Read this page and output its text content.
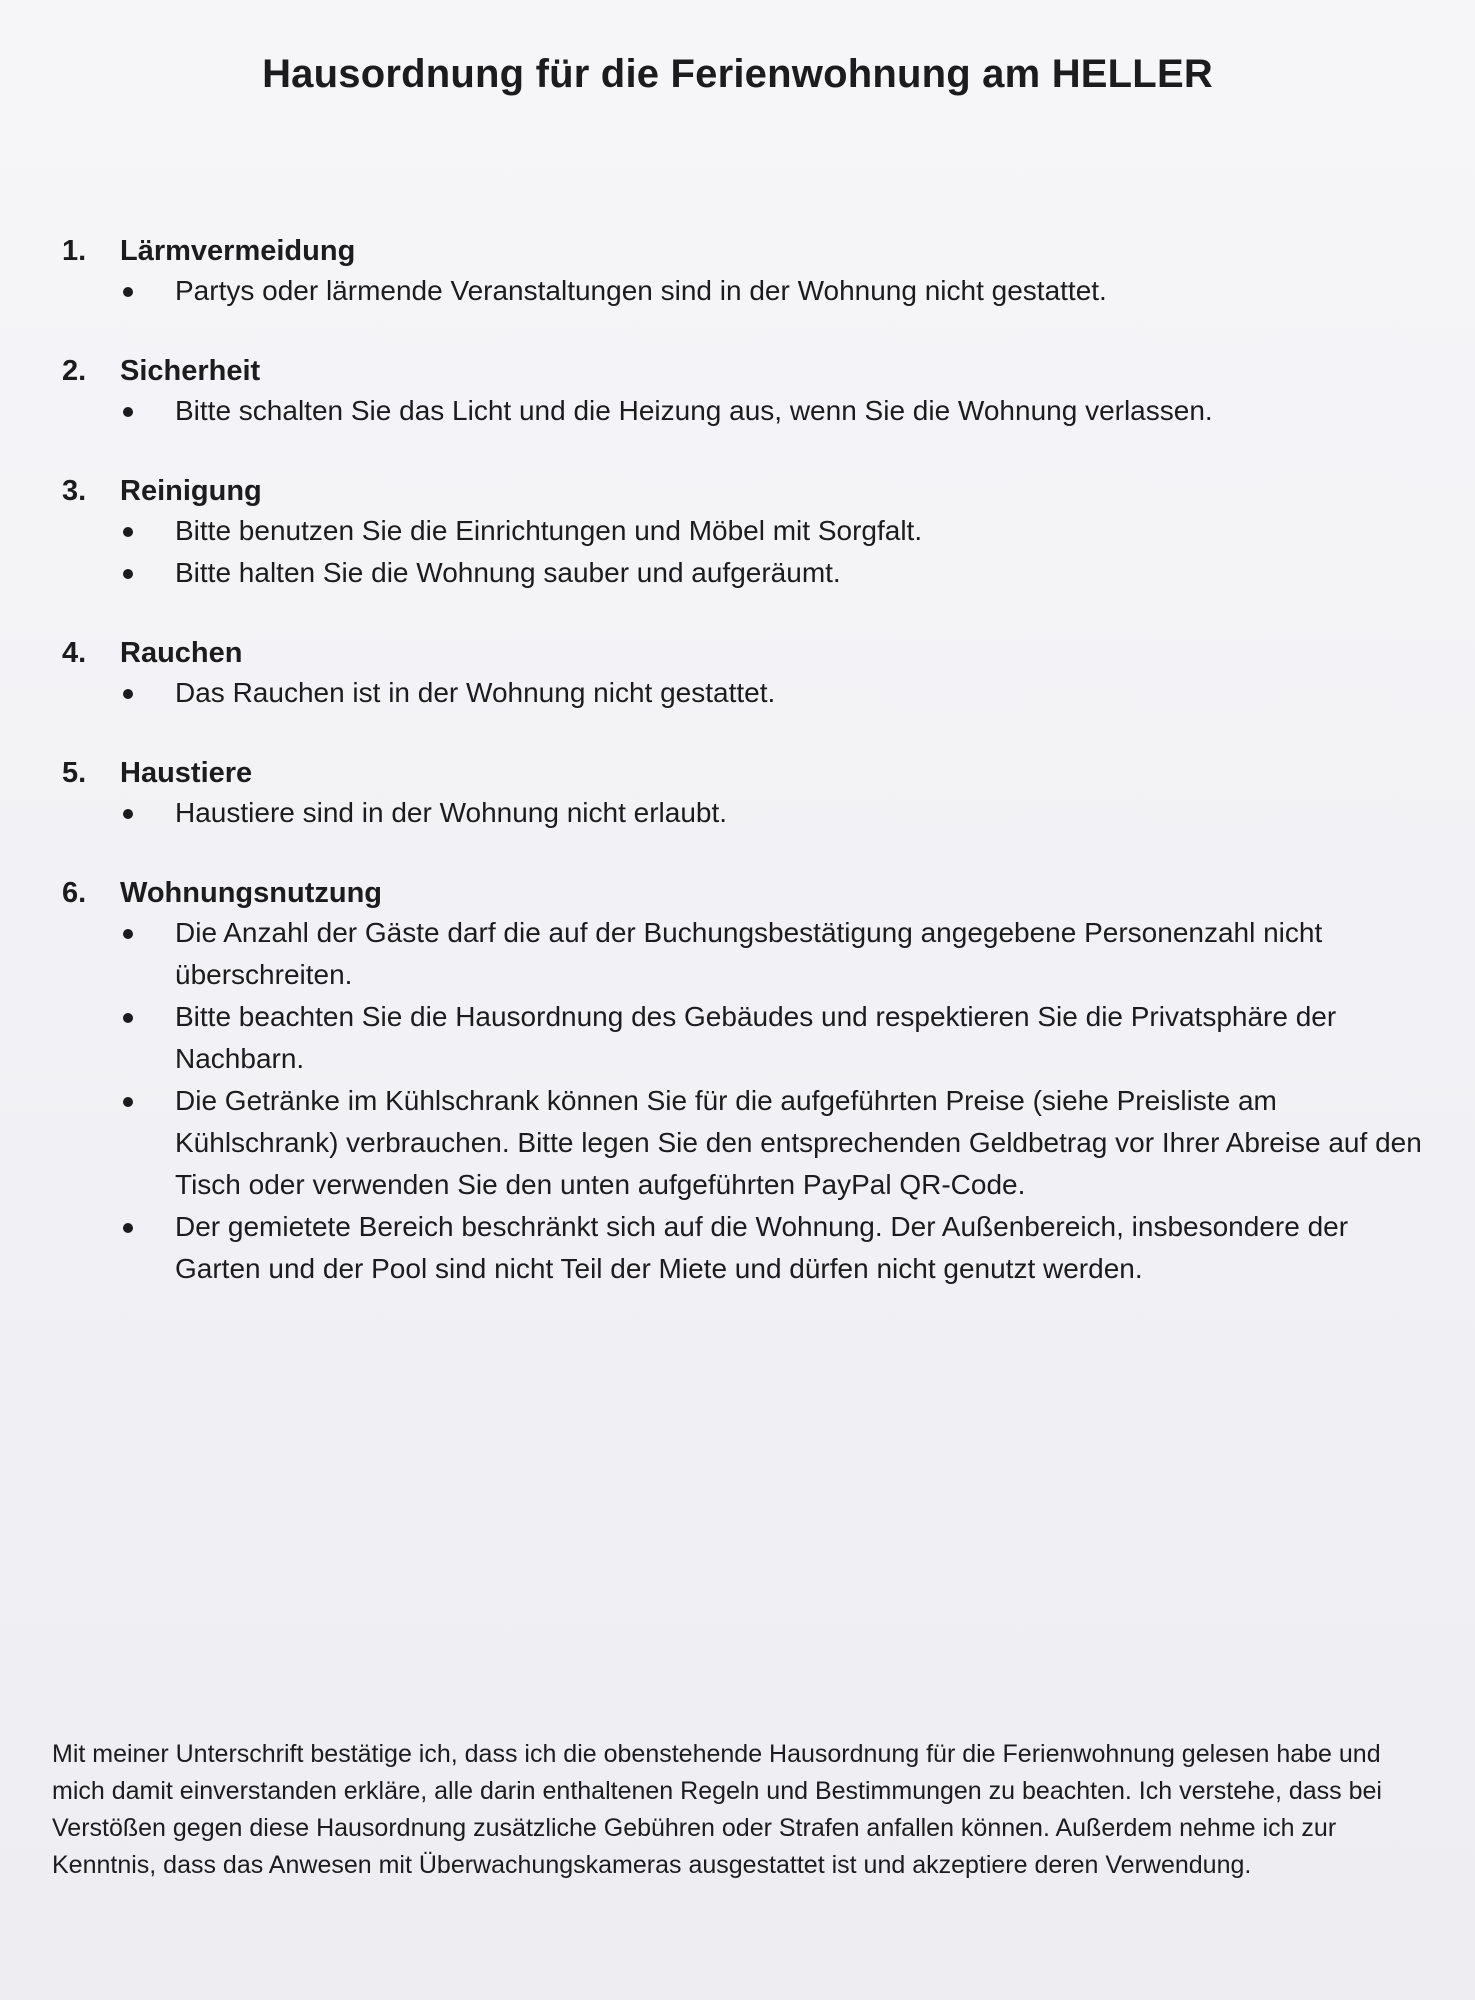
Hausordnung für die Ferienwohnung am HELLER
1.	Lärmvermeidung
Partys oder lärmende Veranstaltungen sind in der Wohnung nicht gestattet.
2.	Sicherheit
Bitte schalten Sie das Licht und die Heizung aus, wenn Sie die Wohnung verlassen.
3.	Reinigung
Bitte benutzen Sie die Einrichtungen und Möbel mit Sorgfalt.
Bitte halten Sie die Wohnung sauber und aufgeräumt.
4.	Rauchen
Das Rauchen ist in der Wohnung nicht gestattet.
5.	Haustiere
Haustiere sind in der Wohnung nicht erlaubt.
6.	Wohnungsnutzung
Die Anzahl der Gäste darf die auf der Buchungsbestätigung angegebene Personenzahl nicht überschreiten.
Bitte beachten Sie die Hausordnung des Gebäudes und respektieren Sie die Privatsphäre der Nachbarn.
Die Getränke im Kühlschrank können Sie für die aufgeführten Preise (siehe Preisliste am Kühlschrank) verbrauchen. Bitte legen Sie den entsprechenden Geldbetrag vor Ihrer Abreise auf den Tisch oder verwenden Sie den unten aufgeführten PayPal QR-Code.
Der gemietete Bereich beschränkt sich auf die Wohnung. Der Außenbereich, insbesondere der Garten und der Pool sind nicht Teil der Miete und dürfen nicht genutzt werden.

Mit meiner Unterschrift bestätige ich, dass ich die obenstehende Hausordnung für die Ferienwohnung gelesen habe und mich damit einverstanden erkläre, alle darin enthaltenen Regeln und Bestimmungen zu beachten. Ich verstehe, dass bei Verstößen gegen diese Hausordnung zusätzliche Gebühren oder Strafen anfallen können. Außerdem nehme ich zur Kenntnis, dass das Anwesen mit Überwachungskameras ausgestattet ist und akzeptiere deren Verwendung.
